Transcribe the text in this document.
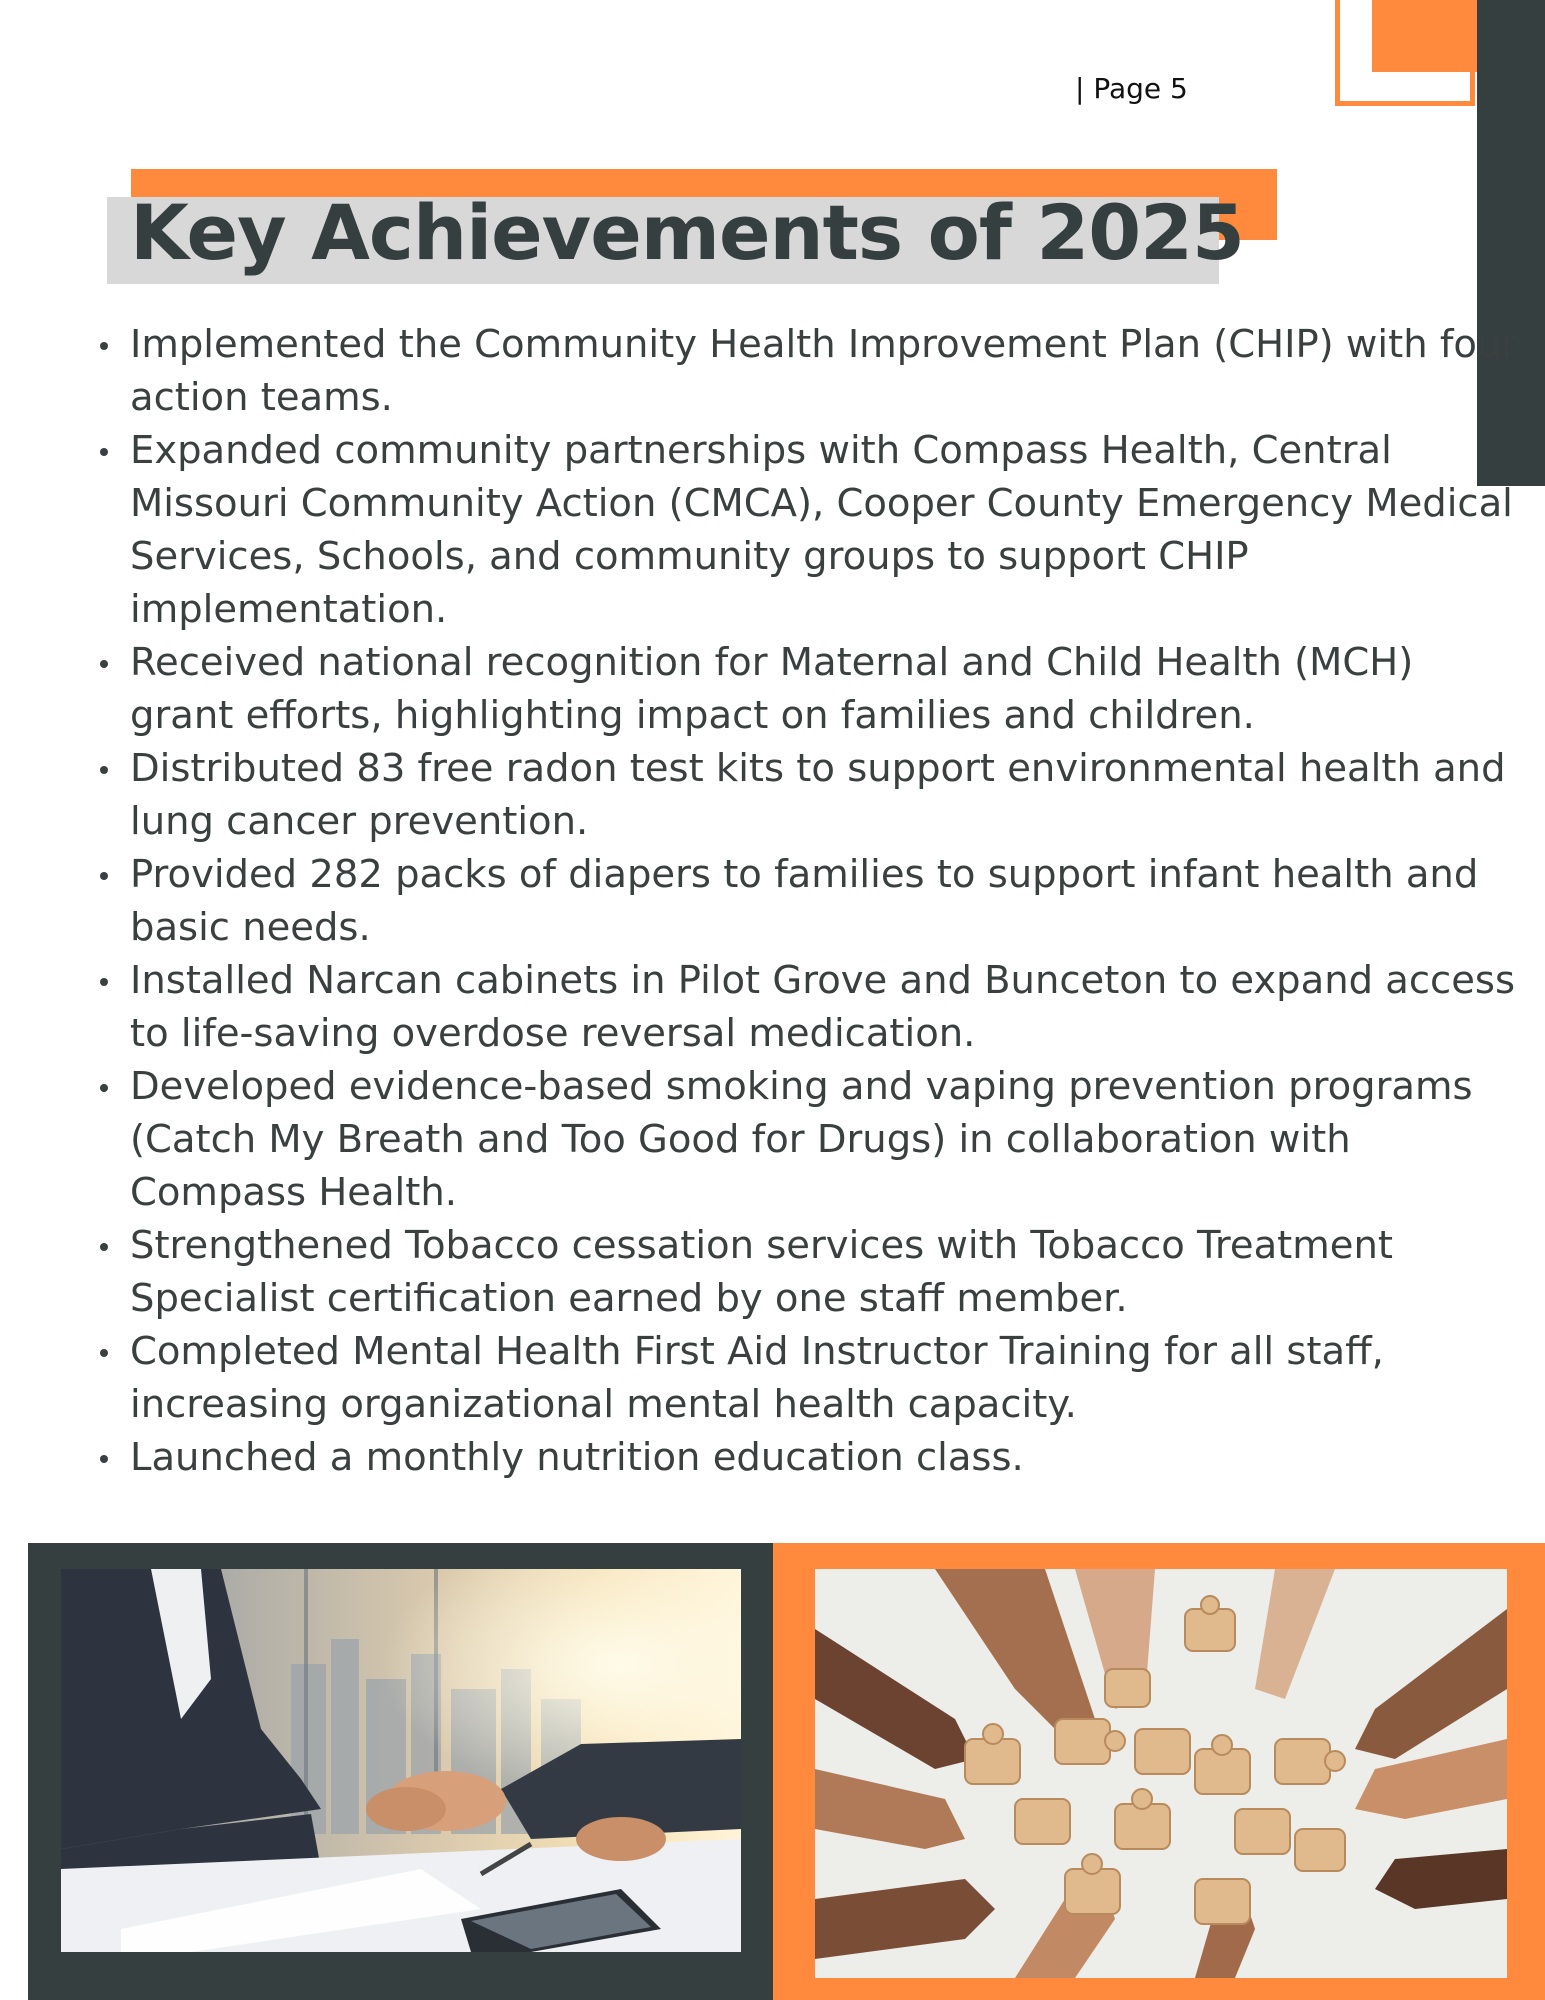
| Page 5
Key Achievements of 2025
Implemented the Community Health Improvement Plan (CHIP) with four action teams.
Expanded community partnerships with Compass Health, Central Missouri Community Action (CMCA), Cooper County Emergency Medical Services, Schools, and community groups to support CHIP implementation.
Received national recognition for Maternal and Child Health (MCH) grant efforts, highlighting impact on families and children.
Distributed 83 free radon test kits to support environmental health and lung cancer prevention.
Provided 282 packs of diapers to families to support infant health and basic needs.
Installed Narcan cabinets in Pilot Grove and Bunceton to expand access to life-saving overdose reversal medication.
Developed evidence-based smoking and vaping prevention programs (Catch My Breath and Too Good for Drugs) in collaboration with Compass Health.
Strengthened Tobacco cessation services with Tobacco Treatment Specialist certification earned by one staff member.
Completed Mental Health First Aid Instructor Training for all staff, increasing organizational mental health capacity.
Launched a monthly nutrition education class.
